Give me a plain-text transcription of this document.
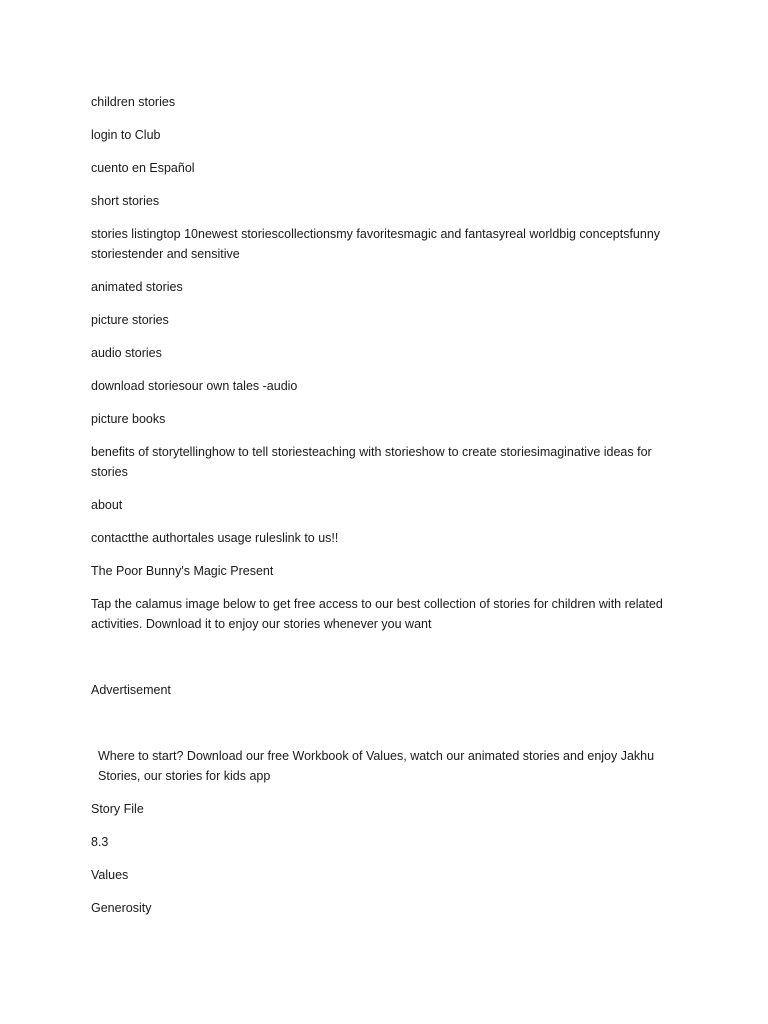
children stories

login to Club

cuento en Español

short stories

stories listingtop 10newest storiescollectionsmy favoritesmagic and fantasyreal worldbig conceptsfunny storiestender and sensitive

animated stories

picture stories

audio stories

download storiesour own tales -audio

picture books

benefits of storytellinghow to tell storiesteaching with storieshow to create storiesimaginative ideas for stories

about

contactthe authortales usage ruleslink to us!!

The Poor Bunny's Magic Present

Tap the calamus image below to get free access to our best collection of stories for children with related activities. Download it to enjoy our stories whenever you want

Advertisement

Where to start? Download our free Workbook of Values, watch our animated stories and enjoy Jakhu Stories, our stories for kids app

Story File

8.3

Values

Generosity
